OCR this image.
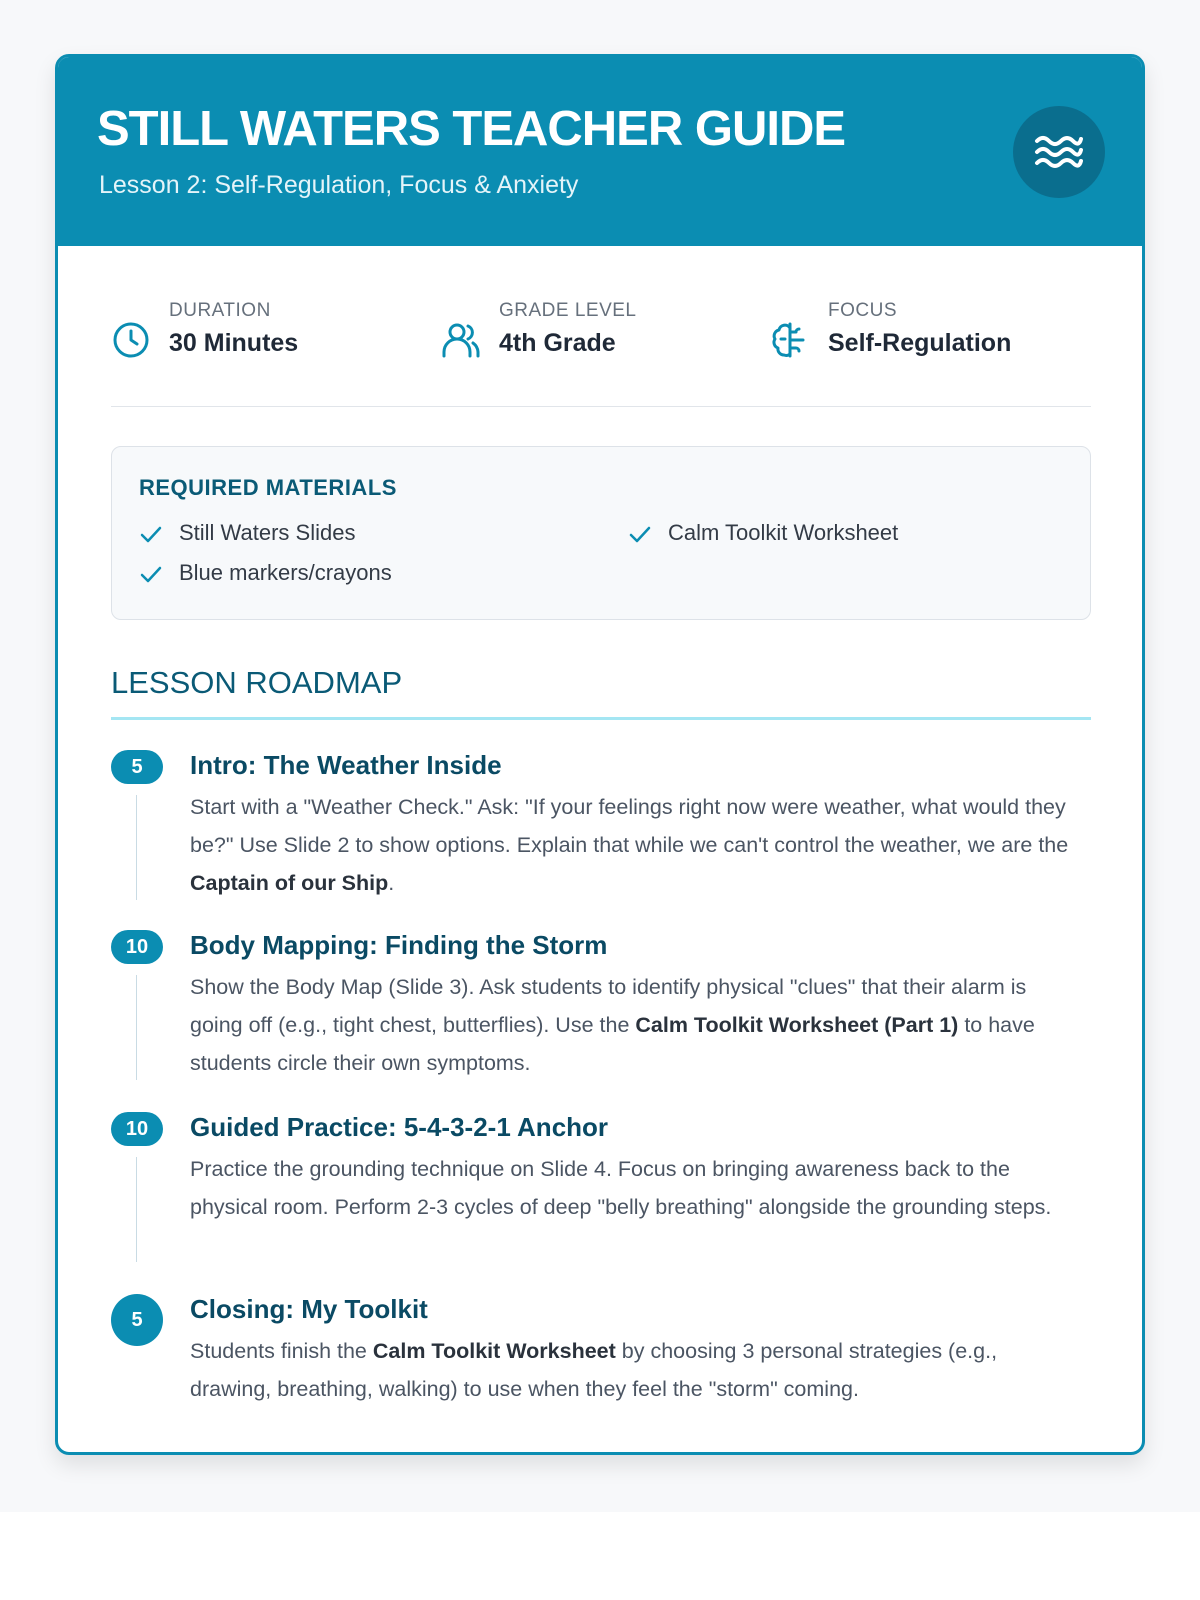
STILL WATERS TEACHER GUIDE
Lesson 2: Self-Regulation, Focus & Anxiety
DURATION
30 Minutes
GRADE LEVEL
4th Grade
FOCUS
Self-Regulation
REQUIRED MATERIALS
Still Waters Slides	Calm Toolkit Worksheet
Blue markers/crayons
LESSON ROADMAP
5	Intro: The Weather Inside
Start with a "Weather Check." Ask: "If your feelings right now were weather, what would they be?" Use Slide 2 to show options. Explain that while we can't control the weather, we are the Captain of our Ship.
10	Body Mapping: Finding the Storm
Show the Body Map (Slide 3). Ask students to identify physical "clues" that their alarm is going off (e.g., tight chest, butterflies). Use the Calm Toolkit Worksheet (Part 1) to have students circle their own symptoms.
10	Guided Practice: 5-4-3-2-1 Anchor
Practice the grounding technique on Slide 4. Focus on bringing awareness back to the physical room. Perform 2-3 cycles of deep "belly breathing" alongside the grounding steps.
5	Closing: My Toolkit
Students finish the Calm Toolkit Worksheet by choosing 3 personal strategies (e.g., drawing, breathing, walking) to use when they feel the "storm" coming.
